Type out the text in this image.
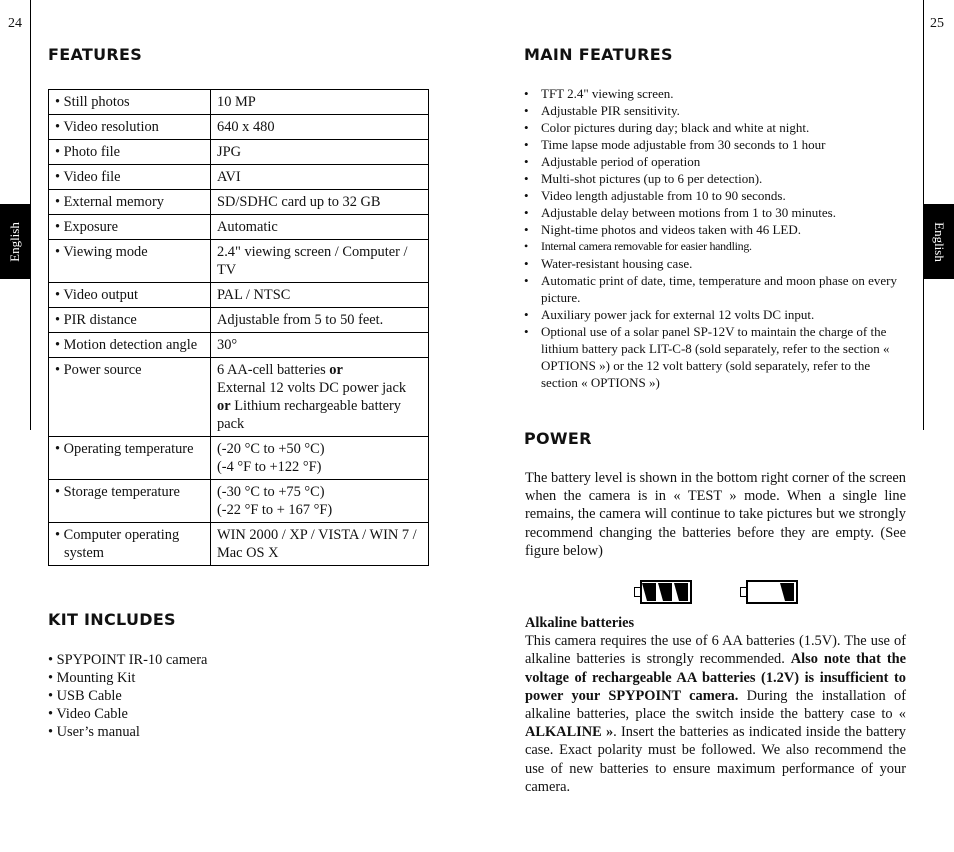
24	25
English	English
FEATURES
• Still photos	10 MP

• Video resolution	640 x 480

• Photo file	JPG

• Video file	AVI

• External memory	SD/SDHC card up to 32 GB

• Exposure	Automatic

• Viewing mode	2.4" viewing screen / Computer / TV

• Video output	PAL / NTSC

• PIR distance	Adjustable from 5 to 50 feet.

• Motion detection angle	30°

• Power source	6 AA-cell batteries or
External 12 volts DC power jack or Lithium rechargeable battery pack

• Operating temperature	(-20 °C to +50 °C)
(-4 °F to +122 °F)

• Storage temperature	(-30 °C to +75 °C)
(-22 °F to + 167 °F)

• Computer operating system	WIN 2000 / XP / VISTA / WIN 7 / Mac OS X
KIT INCLUDES
• SPYPOINT IR-10 camera
• Mounting Kit
• USB Cable
• Video Cable
• User’s manual
MAIN FEATURES
• TFT 2.4" viewing screen.
• Adjustable PIR sensitivity.
• Color pictures during day; black and white at night.
• Time lapse mode adjustable from 30 seconds to 1 hour
• Adjustable period of operation
• Multi-shot pictures (up to 6 per detection).
• Video length adjustable from 10 to 90 seconds.
• Adjustable delay between motions from 1 to 30 minutes.
• Night-time photos and videos taken with 46 LED.
• Internal camera removable for easier handling.
• Water-resistant housing case.
• Automatic print of date, time, temperature and moon phase on every picture.
• Auxiliary power jack for external 12 volts DC input.
• Optional use of a solar panel SP-12V to maintain the charge of the lithium battery pack LIT-C-8 (sold separately, refer to the section « OPTIONS ») or the 12 volt battery (sold separately, refer to the section « OPTIONS »)
POWER

The battery level is shown in the bottom right corner of the screen when the camera is in « TEST » mode. When a single line remains, the camera will continue to take pictures but we strongly recommend changing the batteries before they are empty. (See figure below)

Alkaline batteries
This camera requires the use of 6 AA batteries (1.5V). The use of alkaline batteries is strongly recommended. Also note that the voltage of rechargeable AA batteries (1.2V) is insufficient to power your SPYPOINT camera. During the installation of alkaline batteries, place the switch inside the battery case to « ALKALINE ». Insert the batteries as indicated inside the battery case. Exact polarity must be followed. We also recommend the use of new batteries to ensure maximum performance of your camera.
